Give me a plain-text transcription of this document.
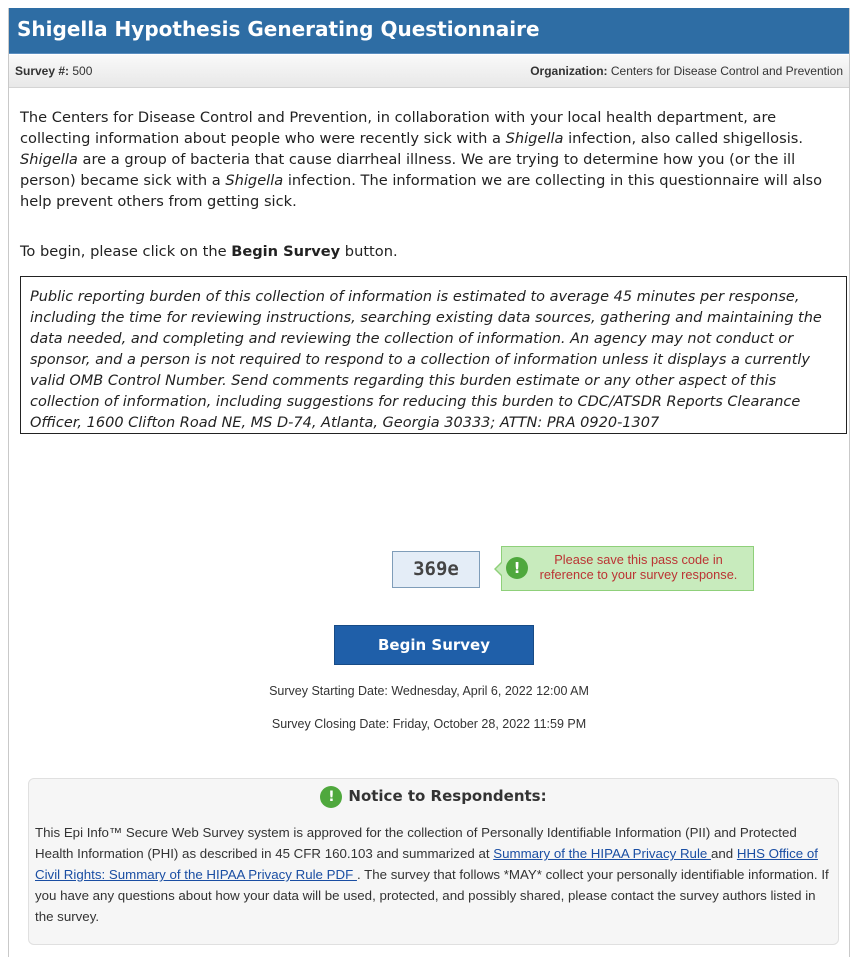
Shigella Hypothesis Generating Questionnaire
Survey #: 500	Organization: Centers for Disease Control and Prevention
The Centers for Disease Control and Prevention, in collaboration with your local health department, are collecting information about people who were recently sick with a Shigella infection, also called shigellosis. Shigella are a group of bacteria that cause diarrheal illness. We are trying to determine how you (or the ill person) became sick with a Shigella infection. The information we are collecting in this questionnaire will also help prevent others from getting sick.
To begin, please click on the Begin Survey button.
Public reporting burden of this collection of information is estimated to average 45 minutes per response, including the time for reviewing instructions, searching existing data sources, gathering and maintaining the data needed, and completing and reviewing the collection of information. An agency may not conduct or sponsor, and a person is not required to respond to a collection of information unless it displays a currently valid OMB Control Number. Send comments regarding this burden estimate or any other aspect of this collection of information, including suggestions for reducing this burden to CDC/ATSDR Reports Clearance Officer, 1600 Clifton Road NE, MS D-74, Atlanta, Georgia 30333; ATTN: PRA 0920-1307
369e	!	Please save this pass code in reference to your survey response.
Begin Survey
Survey Starting Date: Wednesday, April 6, 2022 12:00 AM
Survey Closing Date: Friday, October 28, 2022 11:59 PM
! Notice to Respondents:
This Epi Info™ Secure Web Survey system is approved for the collection of Personally Identifiable Information (PII) and Protected Health Information (PHI) as described in 45 CFR 160.103 and summarized at Summary of the HIPAA Privacy Rule and HHS Office of Civil Rights: Summary of the HIPAA Privacy Rule PDF . The survey that follows *MAY* collect your personally identifiable information. If you have any questions about how your data will be used, protected, and possibly shared, please contact the survey authors listed in the survey.
